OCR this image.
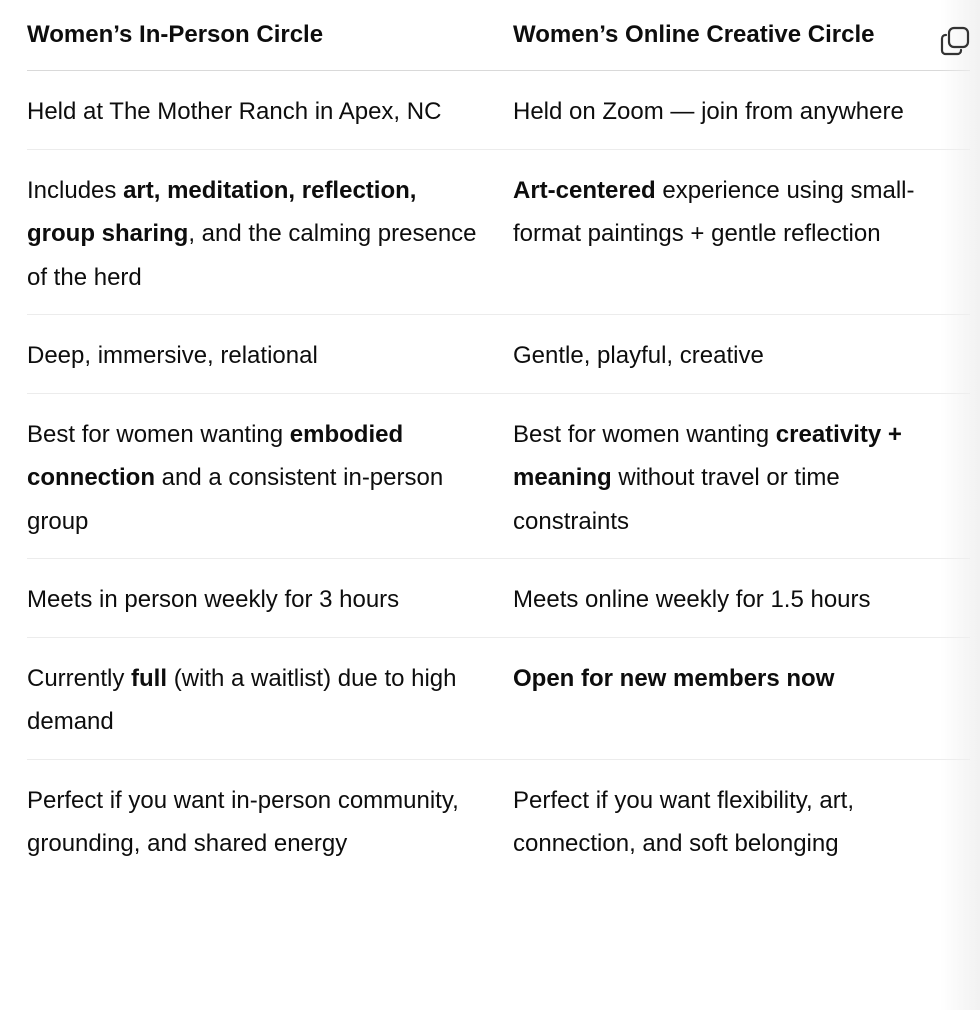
Women’s In-Person Circle	Women’s Online Creative Circle
Held at The Mother Ranch in Apex, NC	Held on Zoom — join from anywhere
Includes art, meditation, reflection, group sharing, and the calming presence of the herd	Art-centered experience using small-format paintings + gentle reflection
Deep, immersive, relational	Gentle, playful, creative
Best for women wanting embodied connection and a consistent in-person group	Best for women wanting creativity + meaning without travel or time constraints
Meets in person weekly for 3 hours	Meets online weekly for 1.5 hours
Currently full (with a waitlist) due to high demand	Open for new members now
Perfect if you want in-person community, grounding, and shared energy	Perfect if you want flexibility, art, connection, and soft belonging
